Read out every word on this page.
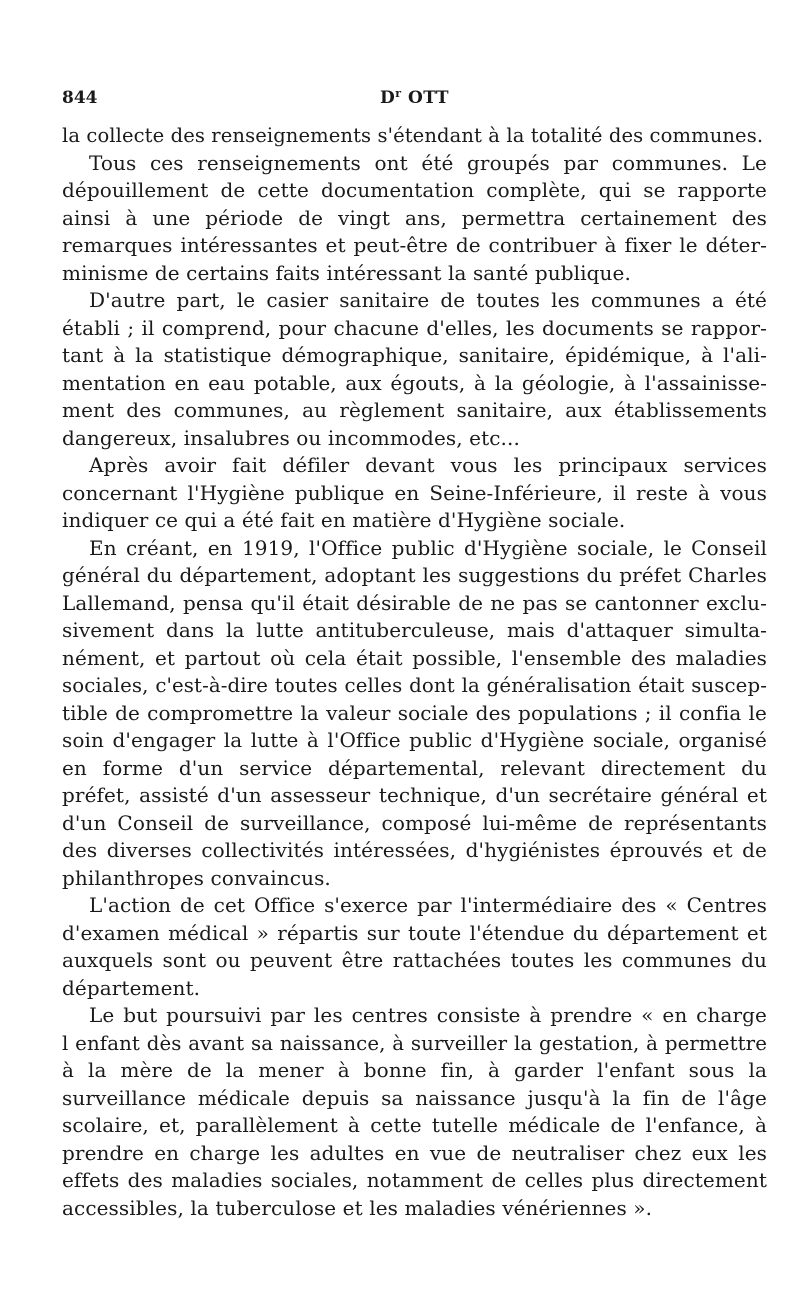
844	$D^r$ OTT
la collecte des renseignements s'étendant à la totalité des communes.
Tous ces renseignements ont été groupés par communes. Le
dépouillement de cette documentation complète, qui se rapporte
ainsi à une période de vingt ans, permettra certainement des
remarques intéressantes et peut-être de contribuer à fixer le déter-
minisme de certains faits intéressant la santé publique.
D'autre part, le casier sanitaire de toutes les communes a été
établi ; il comprend, pour chacune d'elles, les documents se rappor-
tant à la statistique démographique, sanitaire, épidémique, à l'ali-
mentation en eau potable, aux égouts, à la géologie, à l'assainisse-
ment des communes, au règlement sanitaire, aux établissements
dangereux, insalubres ou incommodes, etc...
Après avoir fait défiler devant vous les principaux services
concernant l'Hygiène publique en Seine-Inférieure, il reste à vous
indiquer ce qui a été fait en matière d'Hygiène sociale.
En créant, en 1919, l'Office public d'Hygiène sociale, le Conseil
général du département, adoptant les suggestions du préfet Charles
Lallemand, pensa qu'il était désirable de ne pas se cantonner exclu-
sivement dans la lutte antituberculeuse, mais d'attaquer simulta-
nément, et partout où cela était possible, l'ensemble des maladies
sociales, c'est-à-dire toutes celles dont la généralisation était suscep-
tible de compromettre la valeur sociale des populations ; il confia le
soin d'engager la lutte à l'Office public d'Hygiène sociale, organisé
en forme d'un service départemental, relevant directement du
préfet, assisté d'un assesseur technique, d'un secrétaire général et
d'un Conseil de surveillance, composé lui-même de représentants
des diverses collectivités intéressées, d'hygiénistes éprouvés et de
philanthropes convaincus.
L'action de cet Office s'exerce par l'intermédiaire des « Centres
d'examen médical » répartis sur toute l'étendue du département et
auxquels sont ou peuvent être rattachées toutes les communes du
département.
Le but poursuivi par les centres consiste à prendre « en charge
l enfant dès avant sa naissance, à surveiller la gestation, à permettre
à la mère de la mener à bonne fin, à garder l'enfant sous la
surveillance médicale depuis sa naissance jusqu'à la fin de l'âge
scolaire, et, parallèlement à cette tutelle médicale de l'enfance, à
prendre en charge les adultes en vue de neutraliser chez eux les
effets des maladies sociales, notamment de celles plus directement
accessibles, la tuberculose et les maladies vénériennes ».
